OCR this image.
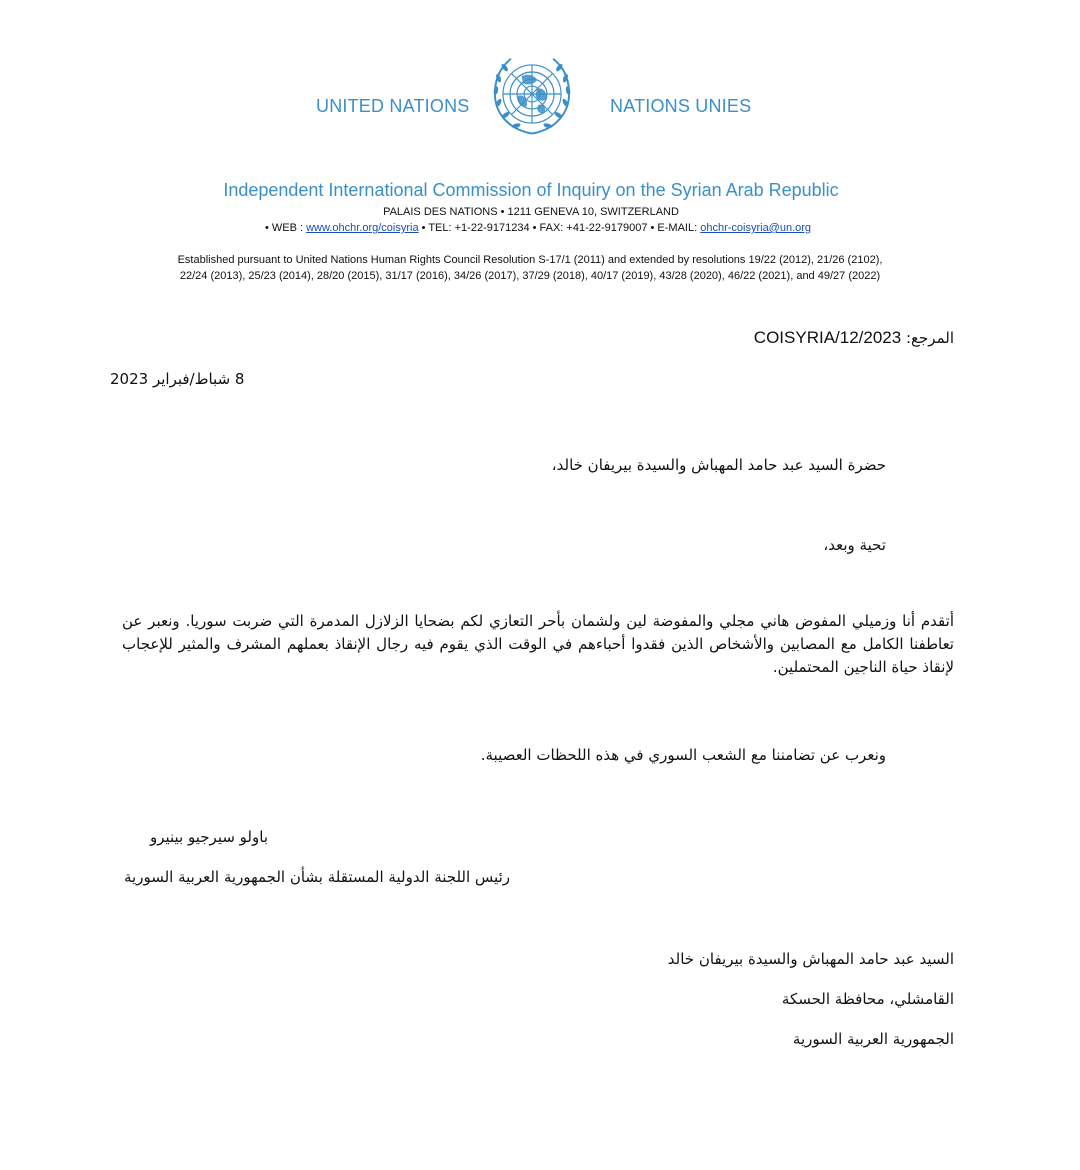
UNITED NATIONS	NATIONS UNIES
Independent International Commission of Inquiry on the Syrian Arab Republic
PALAIS DES NATIONS • 1211 GENEVA 10, SWITZERLAND
• WEB : www.ohchr.org/coisyria • TEL: +1-22-9171234 • FAX: +41-22-9179007 • E-MAIL: ohchr-coisyria@un.org
Established pursuant to United Nations Human Rights Council Resolution S-17/1 (2011) and extended by resolutions 19/22 (2012), 21/26 (2102),
22/24 (2013), 25/23 (2014), 28/20 (2015), 31/17 (2016), 34/26 (2017), 37/29 (2018), 40/17 (2019), 43/28 (2020), 46/22 (2021), and 49/27 (2022)
المرجع: COISYRIA/12/2023
8 شباط/فبراير 2023
حضرة السيد عبد حامد المهباش والسيدة بيريفان خالد،
تحية وبعد،
أتقدم أنا وزميلي المفوض هاني مجلي والمفوضة لين ولشمان بأحر التعازي لكم بضحايا الزلازل المدمرة التي ضربت سوريا. ونعبر عن تعاطفنا الكامل مع المصابين والأشخاص الذين فقدوا أحباءهم في الوقت الذي يقوم فيه رجال الإنقاذ بعملهم المشرف والمثير للإعجاب لإنقاذ حياة الناجين المحتملين.
ونعرب عن تضامننا مع الشعب السوري في هذه اللحظات العصيبة.
باولو سيرجيو بينيرو
رئيس اللجنة الدولية المستقلة بشأن الجمهورية العربية السورية
السيد عبد حامد المهباش والسيدة بيريفان خالد
القامشلي، محافظة الحسكة
الجمهورية العربية السورية
